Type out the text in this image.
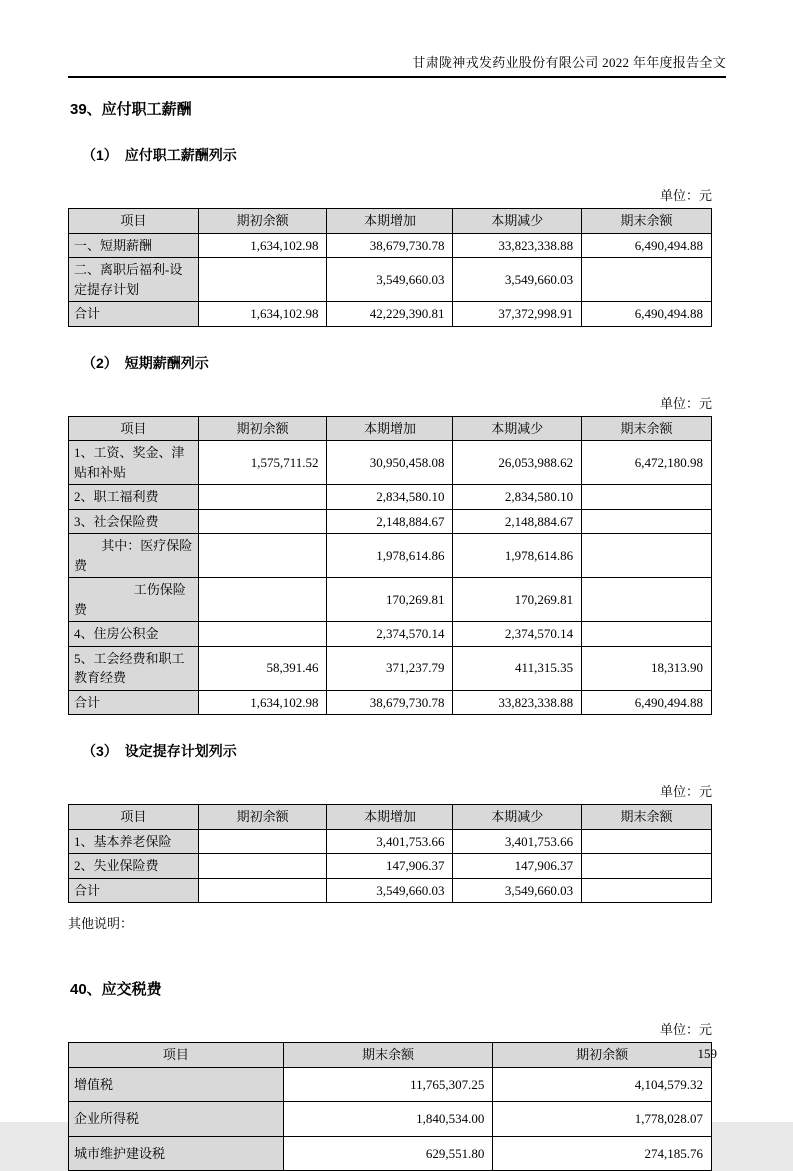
甘肃陇神戎发药业股份有限公司 2022 年年度报告全文
39、应付职工薪酬
（1）　应付职工薪酬列示
单位：元
项目	期初余额	本期增加	本期减少	期末余额
一、短期薪酬	1,634,102.98	38,679,730.78	33,823,338.88	6,490,494.88
二、离职后福利-设定提存计划		3,549,660.03	3,549,660.03	
合计	1,634,102.98	42,229,390.81	37,372,998.91	6,490,494.88
（2）　短期薪酬列示
单位：元
项目	期初余额	本期增加	本期减少	期末余额
1、工资、奖金、津贴和补贴	1,575,711.52	30,950,458.08	26,053,988.62	6,472,180.98
2、职工福利费		2,834,580.10	2,834,580.10	
3、社会保险费		2,148,884.67	2,148,884.67	
其中：医疗保险费		1,978,614.86	1,978,614.86	
工伤保险费		170,269.81	170,269.81	
4、住房公积金		2,374,570.14	2,374,570.14	
5、工会经费和职工教育经费	58,391.46	371,237.79	411,315.35	18,313.90
合计	1,634,102.98	38,679,730.78	33,823,338.88	6,490,494.88
（3）　设定提存计划列示
单位：元
项目	期初余额	本期增加	本期减少	期末余额
1、基本养老保险		3,401,753.66	3,401,753.66	
2、失业保险费		147,906.37	147,906.37	
合计		3,549,660.03	3,549,660.03	
其他说明：
40、应交税费
单位：元
项目	期末余额	期初余额
增值税	11,765,307.25	4,104,579.32
企业所得税	1,840,534.00	1,778,028.07
城市维护建设税	629,551.80	274,185.76
159
